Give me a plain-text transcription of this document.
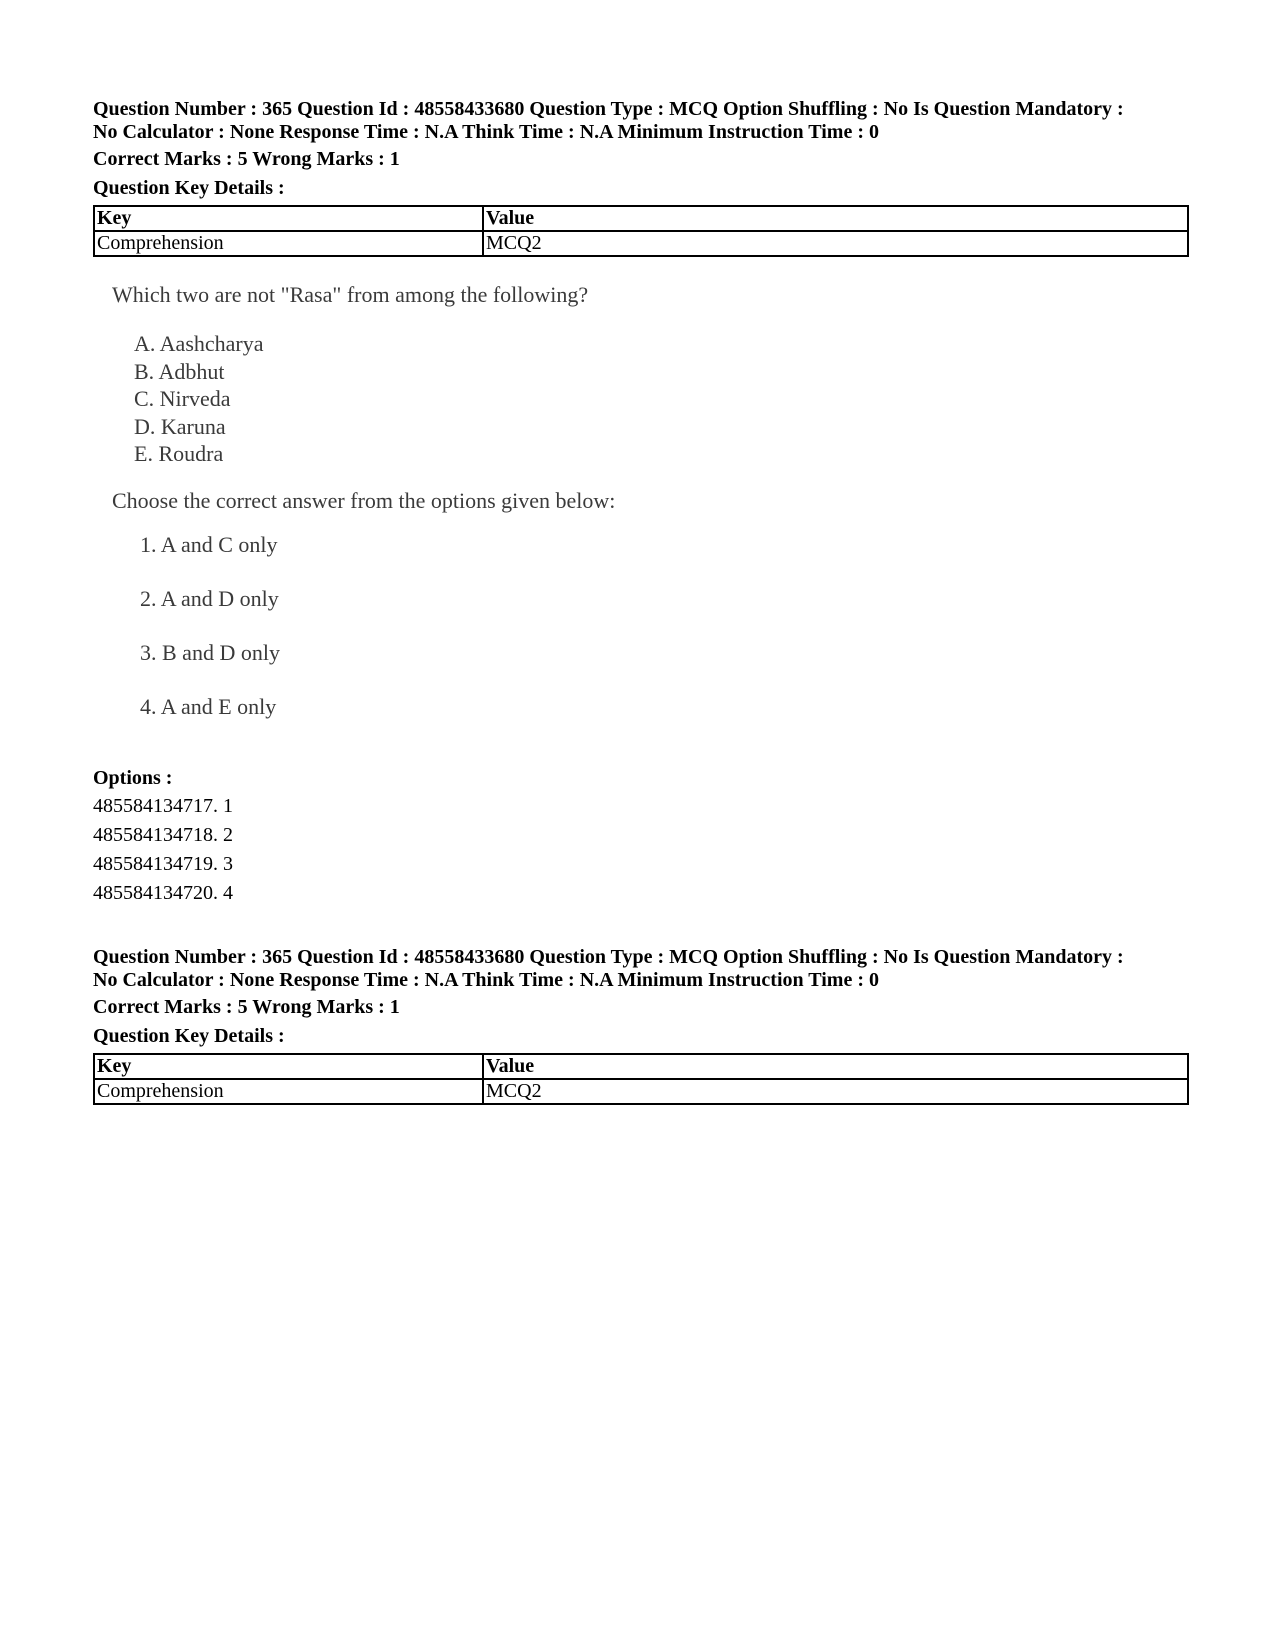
Question Number : 365 Question Id : 48558433680 Question Type : MCQ Option Shuffling : No Is Question Mandatory :

No Calculator : None Response Time : N.A Think Time : N.A Minimum Instruction Time : 0

Correct Marks : 5 Wrong Marks : 1

Question Key Details :

Key	Value
Comprehension	MCQ2

Which two are not "Rasa" from among the following?

A. Aashcharya
B. Adbhut
C. Nirveda
D. Karuna
E. Roudra

Choose the correct answer from the options given below:

1. A and C only
2. A and D only
3. B and D only
4. A and E only

Options :

485584134717. 1

485584134718. 2

485584134719. 3

485584134720. 4

Question Number : 365 Question Id : 48558433680 Question Type : MCQ Option Shuffling : No Is Question Mandatory :

No Calculator : None Response Time : N.A Think Time : N.A Minimum Instruction Time : 0

Correct Marks : 5 Wrong Marks : 1

Question Key Details :

Key	Value
Comprehension	MCQ2
